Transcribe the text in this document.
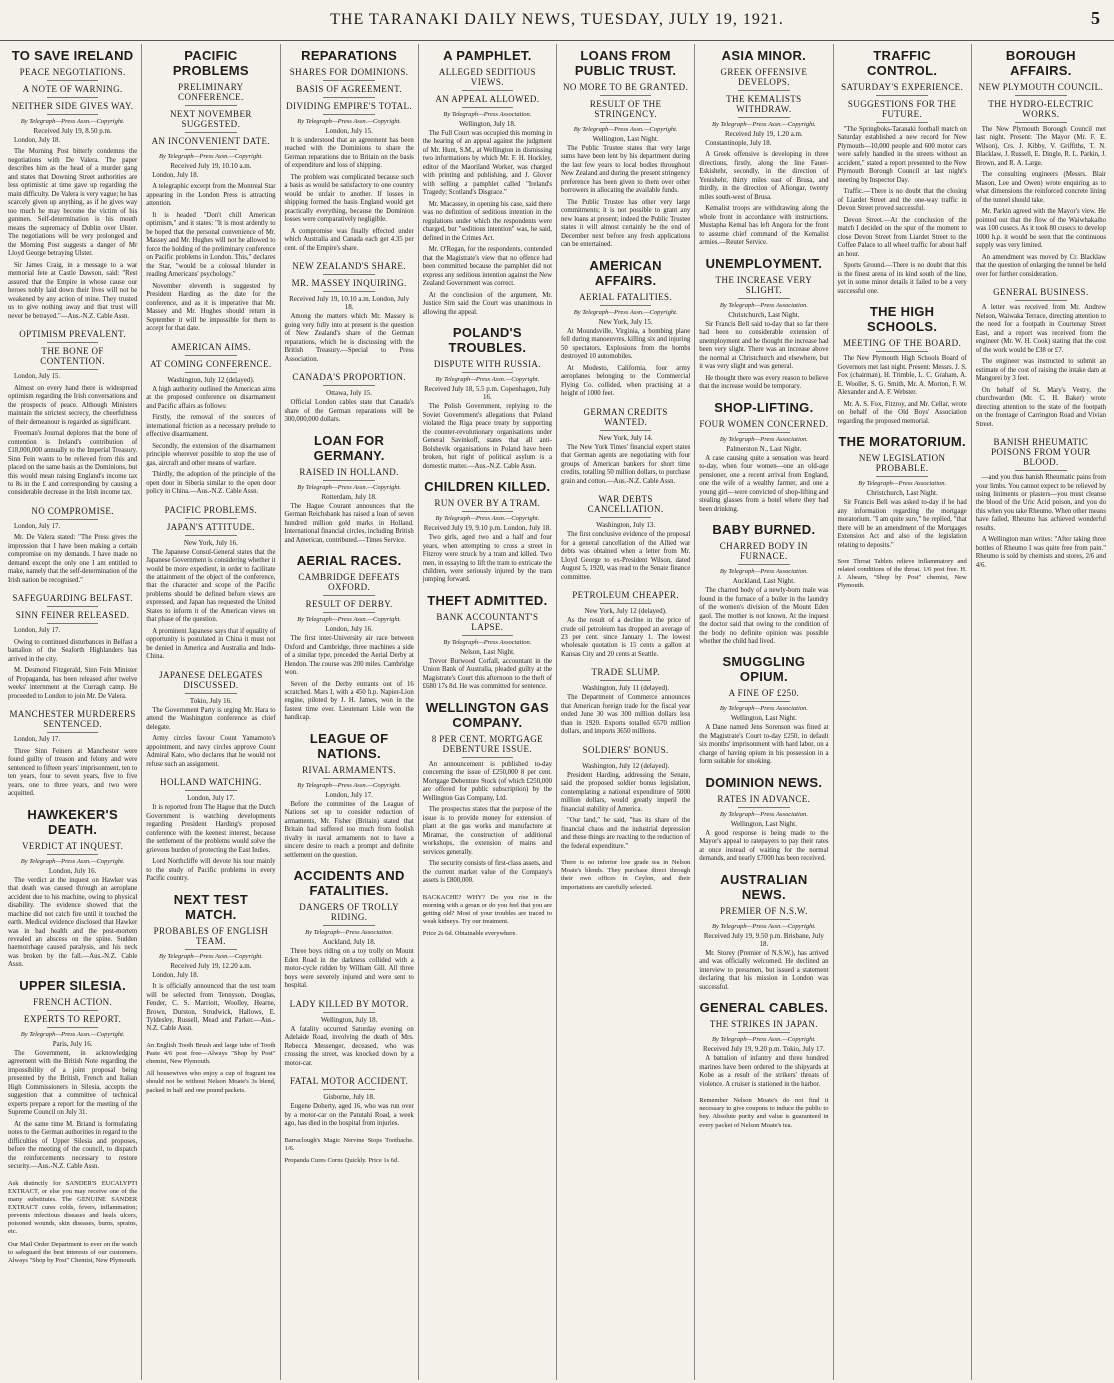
THE TARANAKI DAILY NEWS, TUESDAY, JULY 19, 1921.	5
TO SAVE IRELAND
PEACE NEGOTIATIONS.
A NOTE OF WARNING.
NEITHER SIDE GIVES WAY.
By Telegraph—Press Assn.—Copyright.
Received July 19, 8.50 p.m.

London, July 18.

The Morning Post bitterly condemns the negotiations with De Valera. The paper describes him as the head of a murder gang and states that Downing Street authorities are less optimistic at time gave up regarding the main difficulty. De Valera is very vague; he has scarcely given up anything, as if he gives way too much he may become the victim of his gunmen. Self-determination is his mouth means the supremacy of Dublin over Ulster. The negotiations will be very prolonged and the Morning Post suggests a danger of Mr Lloyd George betraying Ulster.

Sir James Craig, in a message to a war memorial fete at Castle Dawson, said: "Rest assured that the Empire in whose cause our heroes nobly laid down their lives will not be weakened by any action of mine. They trusted us to give nothing away and that trust will never be betrayed."—Aus.-N.Z. Cable Assn.

OPTIMISM PREVALENT.
THE BONE OF CONTENTION.

London, July 15.

Almost on every hand there is widespread optimism regarding the Irish conversations and the prospects of peace. Although Ministers maintain the strictest secrecy, the cheerfulness of their demeanour is regarded as significant.

Freeman's Journal deplores that the bone of contention is Ireland's contribution of £18,000,000 annually to the Imperial Treasury. Sinn Fein wants to be relieved from this and placed on the same basis as the Dominions, but this would mean raising England's income tax to 8s in the £ and corresponding by causing a considerable decrease in the Irish income tax.

NO COMPROMISE.

London, July 17.

Mr. De Valera stated: "The Press gives the impression that I have been making a certain compromise on my demands. I have made no demand except the only one I am entitled to make, namely that the self-determination of the Irish nation be recognised."

SAFEGUARDING BELFAST.
SINN FEINER RELEASED.

London, July 17.

Owing to continued disturbances in Belfast a battalion of the Seaforth Highlanders has arrived in the city.

M. Desmond Fitzgerald, Sinn Fein Minister of Propaganda, has been released after twelve weeks' internment at the Curragh camp. He proceeded to London to join Mr. De Valera.

MANCHESTER MURDERERS SENTENCED.

London, July 17.

Three Sinn Feiners at Manchester were found guilty of treason and felony and were sentenced to fifteen years' imprisonment, ten to ten years, four to seven years, five to five years, one to three years, and two were acquitted.

HAWKEKER'S DEATH.
VERDICT AT INQUEST.
By Telegraph—Press Assn.—Copyright.
London, July 16.

The verdict at the inquest on Hawker was that death was caused through an aeroplane accident due to his machine, owing to physical disability. The evidence showed that the machine did not catch fire until it touched the earth. Medical evidence disclosed that Hawker was in bad health and the post-mortem revealed an abscess on the spine. Sudden haemorrhage caused paralysis, and his neck was broken by the fall.—Aus.-N.Z. Cable Assn.

UPPER SILESIA.
FRENCH ACTION.
EXPERTS TO REPORT.
By Telegraph—Press Assn.—Copyright.
Paris, July 16.

The Government, in acknowledging agreement with the British Note regarding the impossibility of a joint proposal being presented by the British, French and Italian High Commissioners in Silesia, accepts the suggestion that a committee of technical experts prepare a report for the meeting of the Supreme Council on July 31.

At the same time M. Briand is formulating notes to the German authorities in regard to the difficulties of Upper Silesia and proposes, before the meeting of the council, to dispatch the reinforcements necessary to restore security.—Aus.-N.Z. Cable Assn.

Ask distinctly for SANDER'S EUCALYPTI EXTRACT, or else you may receive one of the many substitutes. The GENUINE SANDER EXTRACT cures colds, fevers, inflammation; prevents infectious diseases and heals ulcers, poisoned wounds, skin diseases, burns, sprains, etc.

Our Mail Order Department to ever on the watch to safeguard the best interests of our customers. Always "Shop by Post" Chemist, New Plymouth.

PACIFIC PROBLEMS
PRELIMINARY CONFERENCE.
NEXT NOVEMBER SUGGESTED.
AN INCONVENIENT DATE.
By Telegraph—Press Assn.—Copyright.
Received July 19, 10.10 a.m.

London, July 18.

A telegraphic excerpt from the Montreal Star appearing in the London Press is attracting attention.

It is headed "Don't chill American optimism," and it states: "It is most ardently to be hoped that the personal convenience of Mr. Massey and Mr. Hughes will not be allowed to force the holding of the preliminary conference on Pacific problems in London. This," declares the Star, "would be a colossal blunder in reading Americans' psychology."

November eleventh is suggested by President Harding as the date for the conference, and as it is imperative that Mr. Massey and Mr. Hughes should return in September it will be impossible for them to accept for that date.

AMERICAN AIMS.
AT COMING CONFERENCE.
Washington, July 12 (delayed).

A high authority outlined the American aims at the proposed conference on disarmament and Pacific affairs as follows:

Firstly, the removal of the sources of international friction as a necessary prelude to effective disarmament.

Secondly, the extension of the disarmament principle wherever possible to stop the use of gas, aircraft and other means of warfare.

Thirdly, the adoption of the principle of the open door in Siberia similar to the open door policy in China.—Aus.-N.Z. Cable Assn.

PACIFIC PROBLEMS.
JAPAN'S ATTITUDE.
New York, July 16.

The Japanese Consul-General states that the Japanese Government is considering whether it would be more expedient, in order to facilitate the attainment of the object of the conference, that the character and scope of the Pacific problems should be defined before views are expressed, and Japan has requested the United States to inform it of the American views on that phase of the question.

A prominent Japanese says that if equality of opportunity is postulated in China it must not be denied in America and Australia and Indo-China.

JAPANESE DELEGATES DISCUSSED.
Tokio, July 16.

The Government Party is urging Mr. Hara to attend the Washington conference as chief delegate.

Army circles favour Count Yamamoto's appointment, and navy circles approve Count Admiral Kato, who declares that he would not refuse such an assignment.

HOLLAND WATCHING.
London, July 17.

It is reported from The Hague that the Dutch Government is watching developments regarding President Harding's proposed conference with the keenest interest, because the settlement of the problems would solve the grievous burden of protecting the East Indies.

Lord Northcliffe will devote his tour mainly to the study of Pacific problems in every Pacific country.

NEXT TEST MATCH.
PROBABLES OF ENGLISH TEAM.
By Telegraph—Press Assn.—Copyright.
Received July 19, 12.20 a.m.

London, July 18.

It is officially announced that the test team will be selected from Tennyson, Douglas, Fender, C. S. Marriott, Woolley, Hearne, Brown, Durston, Strudwick, Hallows, E. Tyldesley, Russell, Mead and Parker.—Aus.-N.Z. Cable Assn.

An English Tooth Brush and large tube of Tooth Paste 4/6 post free—Always "Shop by Post" chemist, New Plymouth.

All housewives who enjoy a cup of fragrant tea should not be without Nelson Moate's 3s blend, packed in half and one pound packets.

REPARATIONS
SHARES FOR DOMINIONS.
BASIS OF AGREEMENT.
DIVIDING EMPIRE'S TOTAL.
By Telegraph—Press Assn.—Copyright.
London, July 15.

It is understood that an agreement has been reached with the Dominions to share the German reparations due to Britain on the basis of expenditure and loss of shipping.

The problem was complicated because such a basis as would be satisfactory to one country would be unfair to another. If losses in shipping formed the basis England would get practically everything, because the Dominion losses were comparatively negligible.

A compromise was finally effected under which Australia and Canada each get 4.35 per cent. of the Empire's share.

NEW ZEALAND'S SHARE.
MR. MASSEY INQUIRING.
Received July 19, 10.10 a.m. London, July 18.

Among the matters which Mr. Massey is going very fully into at present is the question of New Zealand's share of the German reparations, which he is discussing with the British Treasury.—Special to Press Association.

CANADA'S PROPORTION.
Ottawa, July 15.

Official London cables state that Canada's share of the German reparations will be 300,000,000 dollars.

LOAN FOR GERMANY.
RAISED IN HOLLAND.
By Telegraph—Press Assn.—Copyright.
Rotterdam, July 18.

The Hague Courant announces that the German Reichsbank has raised a loan of seven hundred million gold marks in Holland. International financial circles, including British and American, contributed.—Times Service.

AERIAL RACES.
CAMBRIDGE DEFEATS OXFORD.
RESULT OF DERBY.
By Telegraph—Press Assn.—Copyright.
London, July 16.

The first inter-University air race between Oxford and Cambridge, three machines a side of a similar type, preceded the Aerial Derby at Hendon. The course was 200 miles. Cambridge won.

Seven of the Derby entrants out of 16 scratched. Mars I, with a 450 h.p. Napier-Lion engine, piloted by J. H. James, won in the fastest time ever. Lieutenant Lisle won the handicap.

LEAGUE OF NATIONS.
RIVAL ARMAMENTS.
By Telegraph—Press Assn.—Copyright.
London, July 17.

Before the committee of the League of Nations set up to consider reduction of armaments, Mr. Fisher (Britain) stated that Britain had suffered too much from foolish rivalry in naval armaments not to have a sincere desire to reach a prompt and definite settlement on the question.

ACCIDENTS AND FATALITIES.
DANGERS OF TROLLY RIDING.
By Telegraph—Press Association.
Auckland, July 18.

Three boys riding on a toy trolly on Mount Eden Road in the darkness collided with a motor-cycle ridden by William Gill. All three boys were severely injured and were sent to hospital.

LADY KILLED BY MOTOR.
Wellington, July 18.

A fatality occurred Saturday evening on Adelaide Road, involving the death of Mrs. Rebecca Messenger, deceased, who was crossing the street, was knocked down by a motor-car.

FATAL MOTOR ACCIDENT.
Gisborne, July 18.

Eugene Doherty, aged 16, who was run over by a motor-car on the Patutahi Road, a week ago, has died in the hospital from injuries.

Barraclough's Magic Nervine Stops Toothache. 1/6.

Propanda Cures Corns Quickly. Price 1s 6d.

A PAMPHLET.
ALLEGED SEDITIOUS VIEWS.
AN APPEAL ALLOWED.
By Telegraph—Press Association.
Wellington, July 18.

The Full Court was occupied this morning in the hearing of an appeal against the judgment of Mr. Hunt, S.M., at Wellington in dismissing two informations by which Mr. F. H. Hockley, editor of the Maoriland Worker, was charged with printing and publishing, and J. Glover with selling a pamphlet called "Ireland's Tragedy; Scotland's Disgrace."

Mr. Macassey, in opening his case, said there was no definition of seditious intention in the regulations under which the respondents were charged, but "seditious intention" was, he said, defined in the Crimes Act.

Mr. O'Regan, for the respondents, contended that the Magistrate's view that no offence had been committed because the pamphlet did not express any seditious intention against the New Zealand Government was correct.

At the conclusion of the argument, Mr. Justice Sim said the Court was unanimous in allowing the appeal.

POLAND'S TROUBLES.
DISPUTE WITH RUSSIA.
By Telegraph—Press Assn.—Copyright.
Received July 18, 5.5 p.m. Copenhagen, July 16.

The Polish Government, replying to the Soviet Government's allegations that Poland violated the Riga peace treaty by supporting the counter-revolutionary organisations under General Savinkoff, states that all anti-Bolshevik organisations in Poland have been broken, but right of political asylum is a domestic matter.—Aus.-N.Z. Cable Assn.

CHILDREN KILLED.
RUN OVER BY A TRAM.
By Telegraph—Press Assn.—Copyright.
Received July 19, 9.10 p.m. London, July 18.

Two girls, aged two and a half and four years, when attempting to cross a street in Fitzroy were struck by a tram and killed. Two men, in essaying to lift the tram to extricate the children, were seriously injured by the tram jumping forward.

THEFT ADMITTED.
BANK ACCOUNTANT'S LAPSE.
By Telegraph—Press Association.
Nelson, Last Night.

Trevor Burwood Corfall, accountant in the Union Bank of Australia, pleaded guilty at the Magistrate's Court this afternoon to the theft of £680 17s 8d. He was committed for sentence.

WELLINGTON GAS COMPANY.
8 PER CENT. MORTGAGE DEBENTURE ISSUE.

An announcement is published to-day concerning the issue of £250,000 8 per cent. Mortgage Debenture Stock (of which £250,000 are offered for public subscription) by the Wellington Gas Company, Ltd.

The prospectus states that the purpose of the issue is to provide money for extension of plant at the gas works and manufacture at Miramar, the construction of additional workshops, the extension of mains and services generally.

The security consists of first-class assets, and the current market value of the Company's assets is £800,000.

BACKACHE? WHY? Do you rise in the morning with a groan or do you feel that you are getting old? Most of your troubles are traced to weak kidneys. Try our treatment.

Price 2s 6d. Obtainable everywhere.

LOANS FROM PUBLIC TRUST.
NO MORE TO BE GRANTED.
RESULT OF THE STRINGENCY.
By Telegraph—Press Assn.—Copyright.
Wellington, Last Night.

The Public Trustee states that very large sums have been lent by his department during the last few years to local bodies throughout New Zealand and during the present stringency preference has been given to them over other borrowers in allocating the available funds.

The Public Trustee has other very large commitments; it is not possible to grant any new loans at present; indeed the Public Trustee states it will almost certainly be the end of December next before any fresh applications can be entertained.

AMERICAN AFFAIRS.
AERIAL FATALITIES.
By Telegraph—Press Assn.—Copyright.
New York, July 15.

At Moundsville, Virginia, a bombing plane fell during manoeuvres, killing six and injuring 50 spectators. Explosions from the bombs destroyed 10 automobiles.

At Modesto, California, four army aeroplanes belonging to the Commercial Flying Co. collided, when practising at a height of 1000 feet.

GERMAN CREDITS WANTED.
New York, July 14.

The New York Times' financial expert states that German agents are negotiating with four groups of American bankers for short time credits, totalling 50 million dollars, to purchase grain and cotton.—Aus.-N.Z. Cable Assn.

WAR DEBTS CANCELLATION.
Washington, July 13.

The first conclusive evidence of the proposal for a general cancellation of the Allied war debts was obtained when a letter from Mr. Lloyd George to ex-President Wilson, dated August 5, 1920, was read to the Senate finance committee.

PETROLEUM CHEAPER.
New York, July 12 (delayed).

As the result of a decline in the price of crude oil petroleum has dropped an average of 23 per cent. since January 1. The lowest wholesale quotation is 15 cents a gallon at Kansas City and 20 cents at Seattle.

TRADE SLUMP.
Washington, July 11 (delayed).

The Department of Commerce announces that American foreign trade for the fiscal year ended June 30 was 300 million dollars less than in 1920. Exports totalled 6570 million dollars, and imports 3650 millions.

SOLDIERS' BONUS.
Washington, July 12 (delayed).

President Harding, addressing the Senate, said the proposed soldier bonus legislation, contemplating a national expenditure of 5000 million dollars, would greatly imperil the financial stability of America.

"Our land," he said, "has its share of the financial chaos and the industrial depression and these things are reacting to the reduction of the federal expenditure."

There is no inferior low grade tea in Nelson Moate's blends. They purchase direct through their own offices in Ceylon, and their importations are carefully selected.

ASIA MINOR.
GREEK OFFENSIVE DEVELOPS.
THE KEMALISTS WITHDRAW.
By Telegraph—Press Assn.—Copyright.
Received July 19, 1.20 a.m.

Constantinople, July 18.

A Greek offensive is developing in three directions, firstly, along the line Fauer-Eskishehr, secondly, in the direction of Yenishehr, thirty miles east of Brusa, and thirdly, in the direction of Afiongar, twenty miles south-west of Brusa.

Kemalist troops are withdrawing along the whole front in accordance with instructions. Mustapha Kemal has left Angora for the front to assume chief command of the Kemalist armies.—Reuter Service.

UNEMPLOYMENT.
THE INCREASE VERY SLIGHT.
By Telegraph—Press Association.
Christchurch, Last Night.

Sir Francis Bell said to-day that so far there had been no considerable extension of unemployment and he thought the increase had been very slight. There was an increase above the normal at Christchurch and elsewhere, but it was very slight and was general.

He thought there was every reason to believe that the increase would be temporary.

SHOP-LIFTING.
FOUR WOMEN CONCERNED.
By Telegraph—Press Association.
Palmerston N., Last Night.

A case causing quite a sensation was heard to-day, when four women—one an old-age pensioner, one a recent arrival from England, one the wife of a wealthy farmer, and one a young girl—were convicted of shop-lifting and stealing glasses from a hotel where they had been drinking.

BABY BURNED.
CHARRED BODY IN FURNACE.
By Telegraph—Press Association.
Auckland, Last Night.

The charred body of a newly-born male was found in the furnace of a boiler in the laundry of the women's division of the Mount Eden gaol. The mother is not known. At the inquest the doctor said that owing to the condition of the body no definite opinion was possible whether the child had lived.

SMUGGLING OPIUM.
A FINE OF £250.
By Telegraph—Press Association.
Wellington, Last Night.

A Dane named Jens Sorenson was fined at the Magistrate's Court to-day £250, in default six months' imprisonment with hard labor, on a charge of having opium in his possession in a form suitable for smoking.

DOMINION NEWS.
RATES IN ADVANCE.
By Telegraph—Press Association.
Wellington, Last Night.

A good response is being made to the Mayor's appeal to ratepayers to pay their rates at once instead of waiting for the normal demands, and nearly £7000 has been received.

AUSTRALIAN NEWS.
PREMIER OF N.S.W.
By Telegraph—Press Assn.—Copyright.
Received July 19, 9.50 p.m. Brisbane, July 18.

Mr. Storey (Premier of N.S.W.), has arrived and was officially welcomed. He declined an interview to pressmen, but issued a statement declaring that his mission in London was successful.

GENERAL CABLES.
THE STRIKES IN JAPAN.
By Telegraph—Press Assn.—Copyright.
Received July 19, 9.20 p.m. Tokio, July 17.

A battalion of infantry and three hundred marines have been ordered to the shipyards at Kobe as a result of the strikers' threats of violence. A cruiser is stationed in the harbor.

Remember Nelson Moate's do not find it necessary to give coupons to induce the public to buy. Absolute purity and value is guaranteed in every packet of Nelson Moate's tea.

TRAFFIC CONTROL.
SATURDAY'S EXPERIENCE.
SUGGESTIONS FOR THE FUTURE.

"The Springboks-Taranaki football match on Saturday established a new record for New Plymouth—10,000 people and 600 motor cars were safely handled in the streets without an accident," stated a report presented to the New Plymouth Borough Council at last night's meeting by Inspector Day.

Traffic.—There is no doubt that the closing of Liardet Street and the one-way traffic in Devon Street proved successful.

Devon Street.—At the conclusion of the match I decided on the spur of the moment to close Devon Street from Liardet Street to the Coffee Palace to all wheel traffic for about half an hour.

Sports Ground.—There is no doubt that this is the finest arena of its kind south of the line, yet in some minor details it failed to be a very successful one.

THE HIGH SCHOOLS.
MEETING OF THE BOARD.

The New Plymouth High Schools Board of Governors met last night. Present: Messrs. J. S. Fox (chairman), H. Trimble, L. C. Graham, A. E. Wooller, S. G. Smith, Mr. A. Morton, F. W. Alexander and A. F. Webster.

Mr. A. S. Fox, Fitzroy, and Mr. Cellar, wrote on behalf of the Old Boys' Association regarding the proposed memorial.

THE MORATORIUM.
NEW LEGISLATION PROBABLE.
By Telegraph—Press Association.
Christchurch, Last Night.

Sir Francis Bell was asked to-day if he had any information regarding the mortgage moratorium. "I am quite sure," he replied, "that there will be an amendment of the Mortgages Extension Act and also of the legislation relating to deposits."

Sore Throat Tablets relieve inflammatory and related conditions of the throat. 1/6 post free. H. J. Ahearn, "Shop by Post" chemist, New Plymouth.

BOROUGH AFFAIRS.
NEW PLYMOUTH COUNCIL.
THE HYDRO-ELECTRIC WORKS.

The New Plymouth Borough Council met last night. Present: The Mayor (Mr. F. E. Wilson), Crs. J. Kibby, V. Griffiths, T. N. Blacklaw, J. Russell, E. Dingle, R. L. Parkin, J. Brown, and R. A. Large.

The consulting engineers (Messrs. Blair Mason, Lee and Owen) wrote enquiring as to what dimensions the reinforced concrete lining of the tunnel should take.

Mr. Parkin agreed with the Mayor's view. He pointed out that the flow of the Waiwhakaiho was 100 cusecs. As it took 80 cusecs to develop 1000 h.p. it would be seen that the continuous supply was very limited.

An amendment was moved by Cr. Blacklaw that the question of enlarging the tunnel be held over for further consideration.

GENERAL BUSINESS.

A letter was received from Mr. Andrew Nelson, Waiwaka Terrace, directing attention to the need for a footpath in Courtenay Street East, and a report was received from the engineer (Mr. W. H. Cook) stating that the cost of the work would be £38 or £7.

The engineer was instructed to submit an estimate of the cost of raising the intake dam at Mangorei by 3 feet.

On behalf of St. Mary's Vestry, the churchwarden (Mr. C. H. Baker) wrote directing attention to the state of the footpath on the frontage of Carrington Road and Vivian Street.

BANISH RHEUMATIC POISONS FROM YOUR BLOOD.

—and you thus banish Rheumatic pains from your limbs. You cannot expect to be relieved by using liniments or plasters—you must cleanse the blood of the Uric Acid poison, and you do this when you take Rheumo. When other means have failed, Rheumo has achieved wonderful results.

A Wellington man writes: "After taking three bottles of Rheumo I was quite free from pain." Rheumo is sold by chemists and stores, 2/6 and 4/6.
